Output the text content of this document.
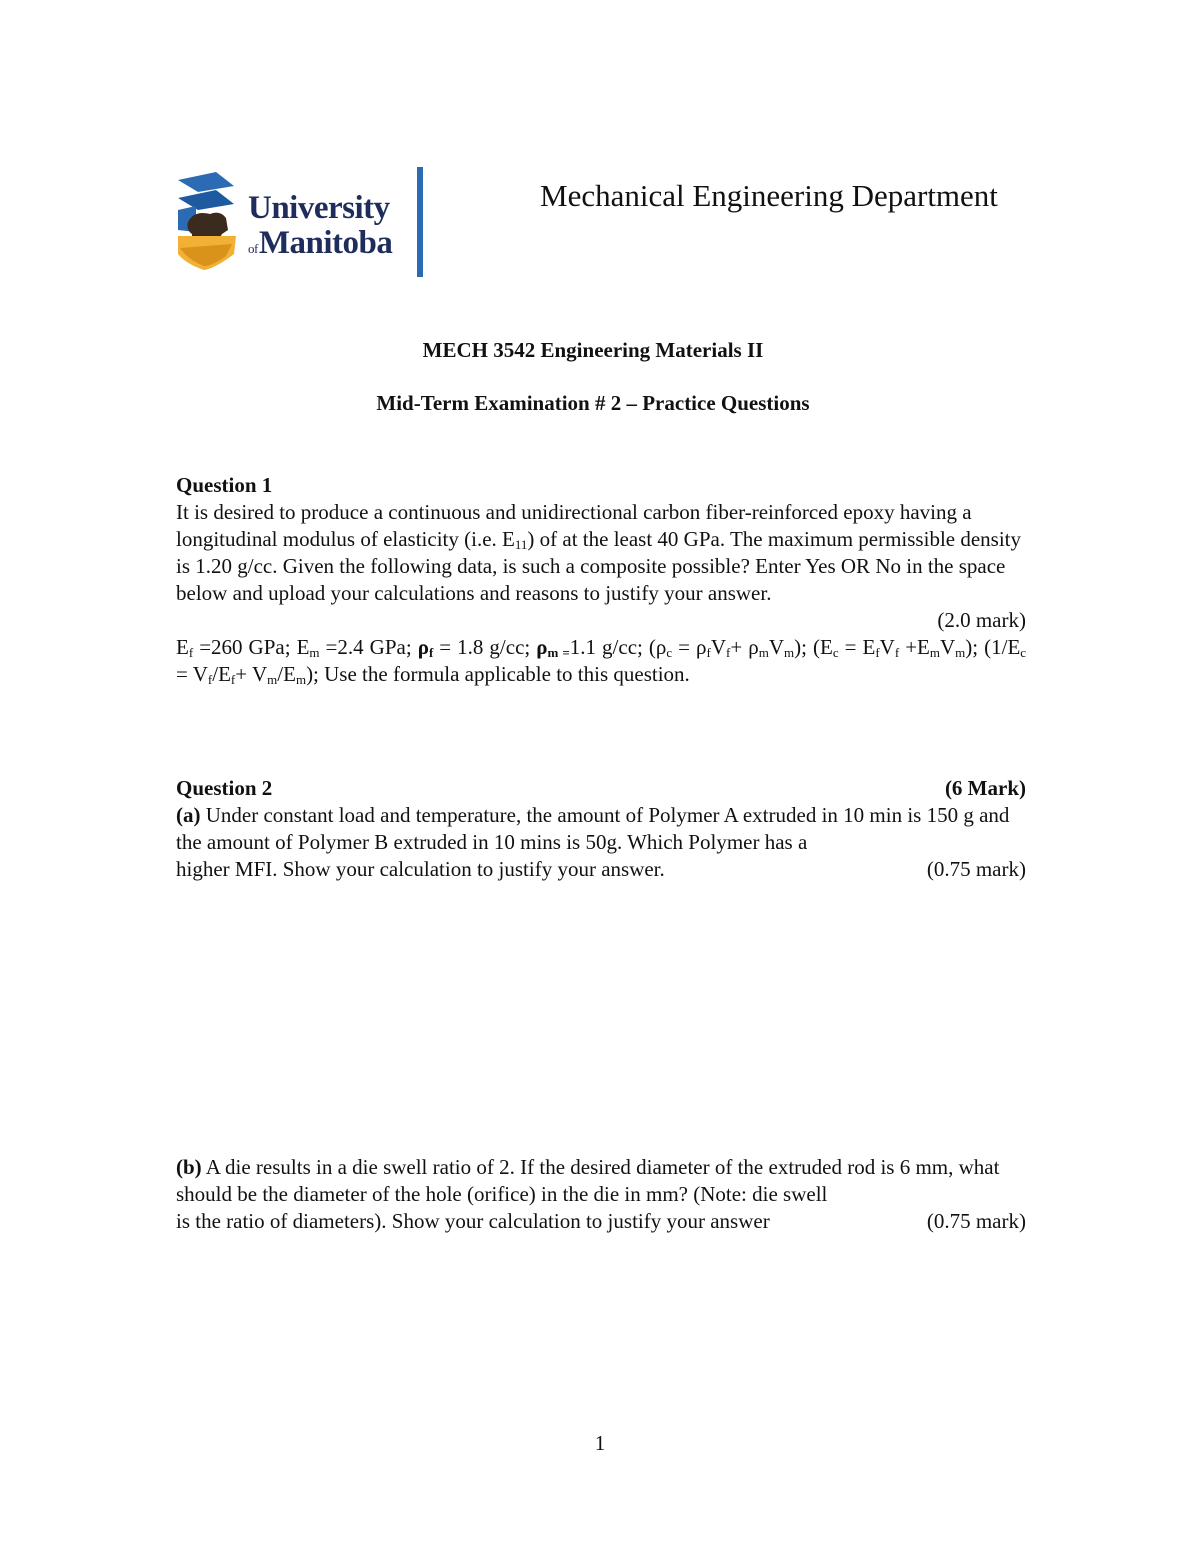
University
ofManitoba
Mechanical Engineering Department
MECH 3542 Engineering Materials II
Mid-Term Examination # 2 – Practice Questions
Question 1
It is desired to produce a continuous and unidirectional carbon fiber-reinforced epoxy having a longitudinal modulus of elasticity (i.e. $E_{11}$) of at the least 40 GPa. The maximum permissible density is 1.20 g/cc. Given the following data, is such a composite possible? Enter Yes OR No in the space below and upload your calculations and reasons to justify your answer.
(2.0 mark)
$E_f =260$ GPa; $E_m =2.4$ GPa; $\rho_f = 1.8$ g/cc; $\rho_{m =}1.1$ g/cc; $(\rho_c = \rho_fV_f+ \rho_mV_m)$; $(E_c = E_fV_f +E_mV_m)$; $(1/E_c = V_f/E_f+ V_m/E_m)$; Use the formula applicable to this question.
Question 2	(6 Mark)
(a) Under constant load and temperature, the amount of Polymer A extruded in 10 min is 150 g and the amount of Polymer B extruded in 10 mins is 50g. Which Polymer has a
higher MFI. Show your calculation to justify your answer.	(0.75 mark)
(b) A die results in a die swell ratio of 2. If the desired diameter of the extruded rod is 6 mm, what should be the diameter of the hole (orifice) in the die in mm? (Note: die swell
is the ratio of diameters). Show your calculation to justify your answer	(0.75 mark)
1
